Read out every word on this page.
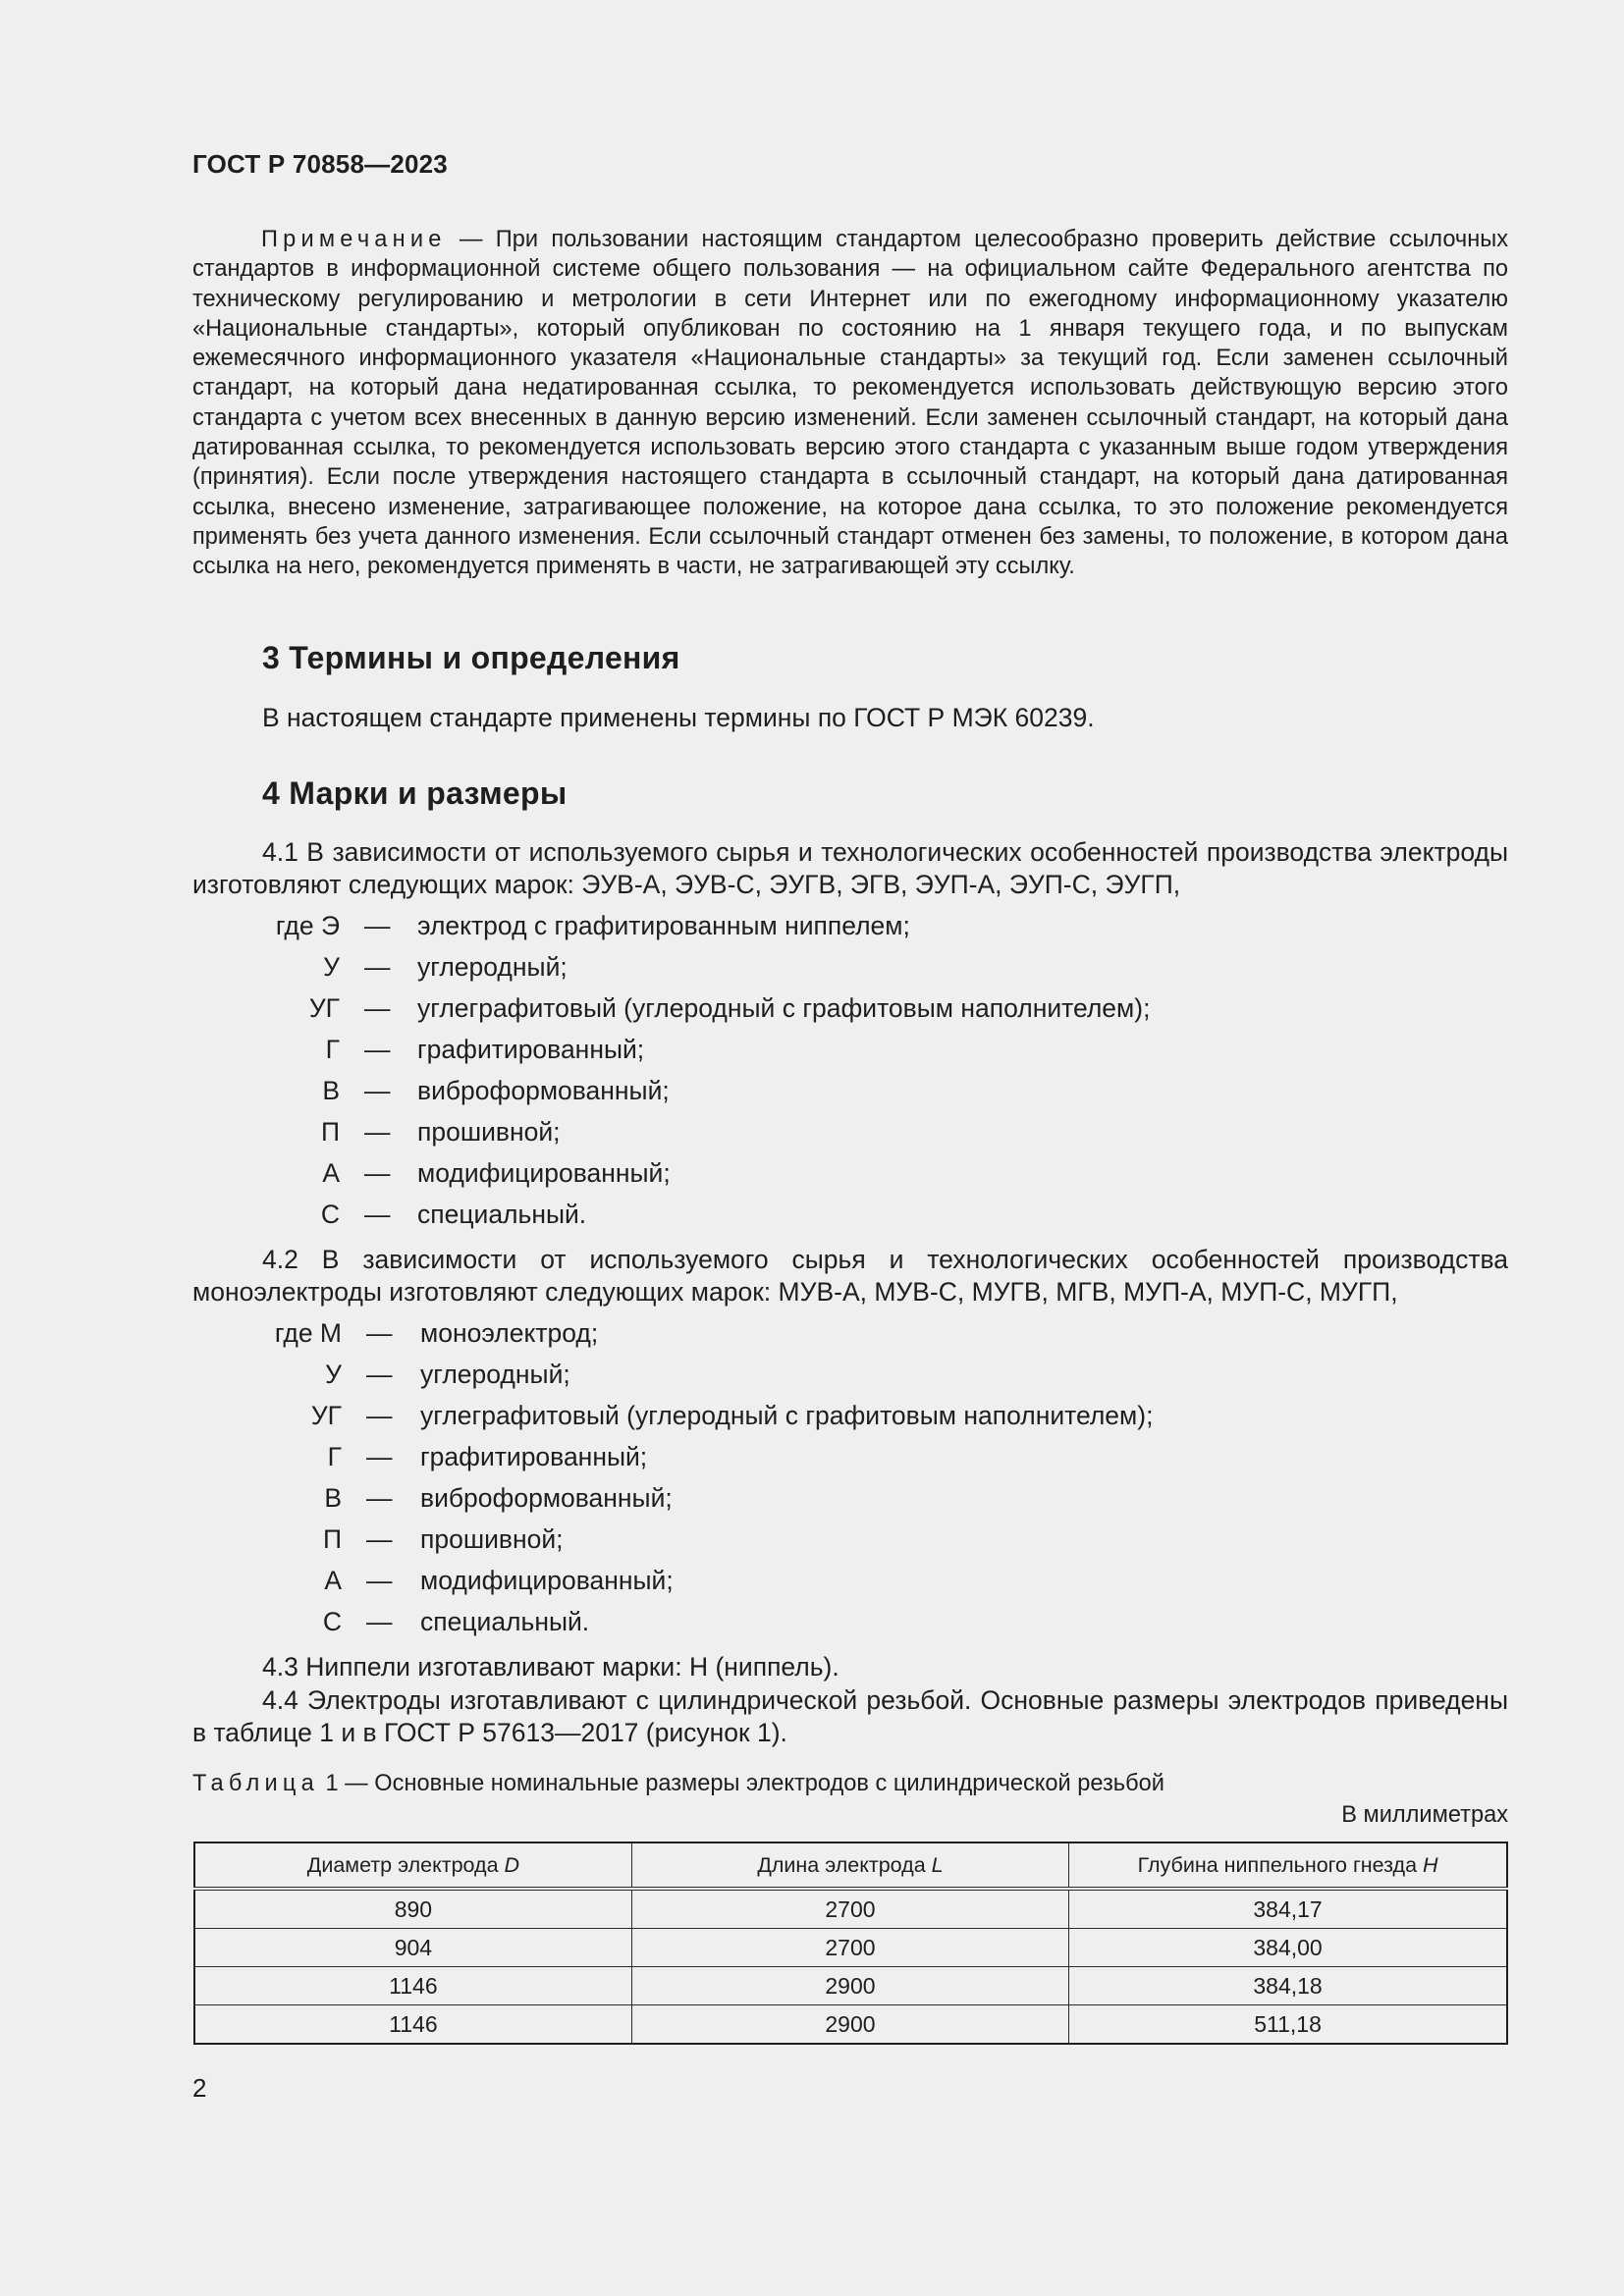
ГОСТ Р 70858—2023
Примечание — При пользовании настоящим стандартом целесообразно проверить действие ссылочных стандартов в информационной системе общего пользования — на официальном сайте Федерального агентства по техническому регулированию и метрологии в сети Интернет или по ежегодному информационному указателю «Национальные стандарты», который опубликован по состоянию на 1 января текущего года, и по выпускам ежемесячного информационного указателя «Национальные стандарты» за текущий год. Если заменен ссылочный стандарт, на который дана недатированная ссылка, то рекомендуется использовать действующую версию этого стандарта с учетом всех внесенных в данную версию изменений. Если заменен ссылочный стандарт, на который дана датированная ссылка, то рекомендуется использовать версию этого стандарта с указанным выше годом утверждения (принятия). Если после утверждения настоящего стандарта в ссылочный стандарт, на который дана датированная ссылка, внесено изменение, затрагивающее положение, на которое дана ссылка, то это положение рекомендуется применять без учета данного изменения. Если ссылочный стандарт отменен без замены, то положение, в котором дана ссылка на него, рекомендуется применять в части, не затрагивающей эту ссылку.
3 Термины и определения
В настоящем стандарте применены термины по ГОСТ Р МЭК 60239.
4 Марки и размеры
4.1 В зависимости от используемого сырья и технологических особенностей производства электроды изготовляют следующих марок: ЭУВ-А, ЭУВ-С, ЭУГВ, ЭГВ, ЭУП-А, ЭУП-С, ЭУГП,
где Э — электрод с графитированным ниппелем;
У — углеродный;
УГ — углеграфитовый (углеродный с графитовым наполнителем);
Г — графитированный;
В — виброформованный;
П — прошивной;
А — модифицированный;
С — специальный.
4.2 В зависимости от используемого сырья и технологических особенностей производства моноэлектроды изготовляют следующих марок: МУВ-А, МУВ-С, МУГВ, МГВ, МУП-А, МУП-С, МУГП,
где М — моноэлектрод;
У — углеродный;
УГ — углеграфитовый (углеродный с графитовым наполнителем);
Г — графитированный;
В — виброформованный;
П — прошивной;
А — модифицированный;
С — специальный.
4.3 Ниппели изготавливают марки: Н (ниппель).
4.4 Электроды изготавливают с цилиндрической резьбой. Основные размеры электродов приведены в таблице 1 и в ГОСТ Р 57613—2017 (рисунок 1).
Таблица 1 — Основные номинальные размеры электродов с цилиндрической резьбой
В миллиметрах
Диаметр электрода D	Длина электрода L	Глубина ниппельного гнезда H
890	2700	384,17
904	2700	384,00
1146	2900	384,18
1146	2900	511,18
2
